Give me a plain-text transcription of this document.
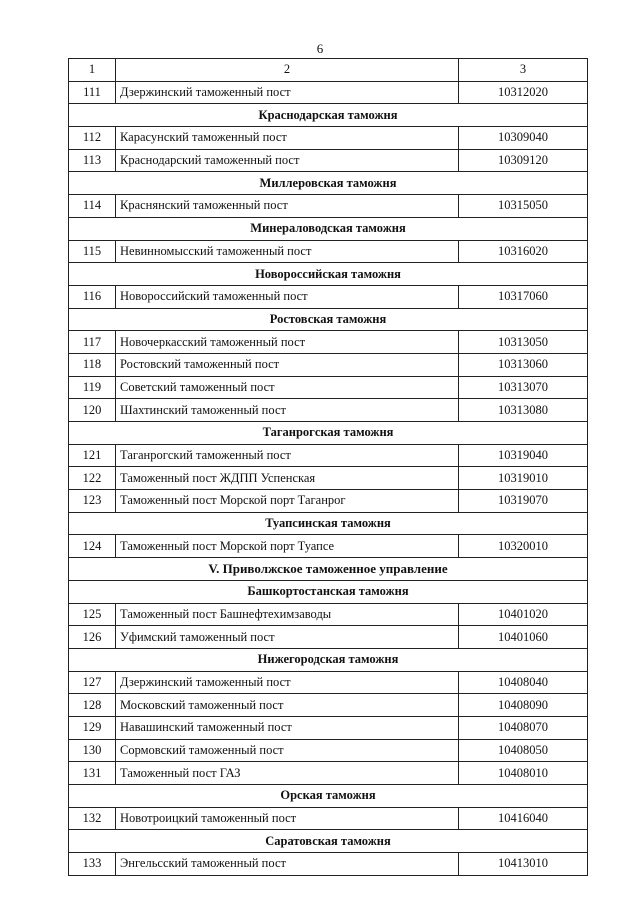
6
1	2	3
111	Дзержинский таможенный пост	10312020
Краснодарская таможня		
112	Карасунский таможенный пост	10309040
113	Краснодарский таможенный пост	10309120
Миллеровская таможня		
114	Краснянский таможенный пост	10315050
Минераловодская таможня		
115	Невинномысский таможенный пост	10316020
Новороссийская таможня		
116	Новороссийский таможенный пост	10317060
Ростовская таможня		
117	Новочеркасский таможенный пост	10313050
118	Ростовский таможенный пост	10313060
119	Советский таможенный пост	10313070
120	Шахтинский таможенный пост	10313080
Таганрогская таможня		
121	Таганрогский таможенный пост	10319040
122	Таможенный пост ЖДПП Успенская	10319010
123	Таможенный пост Морской порт Таганрог	10319070
Туапсинская таможня		
124	Таможенный пост Морской порт Туапсе	10320010
V. Приволжское таможенное управление		
Башкортостанская таможня		
125	Таможенный пост Башнефтехимзаводы	10401020
126	Уфимский таможенный пост	10401060
Нижегородская таможня		
127	Дзержинский таможенный пост	10408040
128	Московский таможенный пост	10408090
129	Навашинский таможенный пост	10408070
130	Сормовский таможенный пост	10408050
131	Таможенный пост ГАЗ	10408010
Орская таможня		
132	Новотроицкий таможенный пост	10416040
Саратовская таможня		
133	Энгельсский таможенный пост	10413010
